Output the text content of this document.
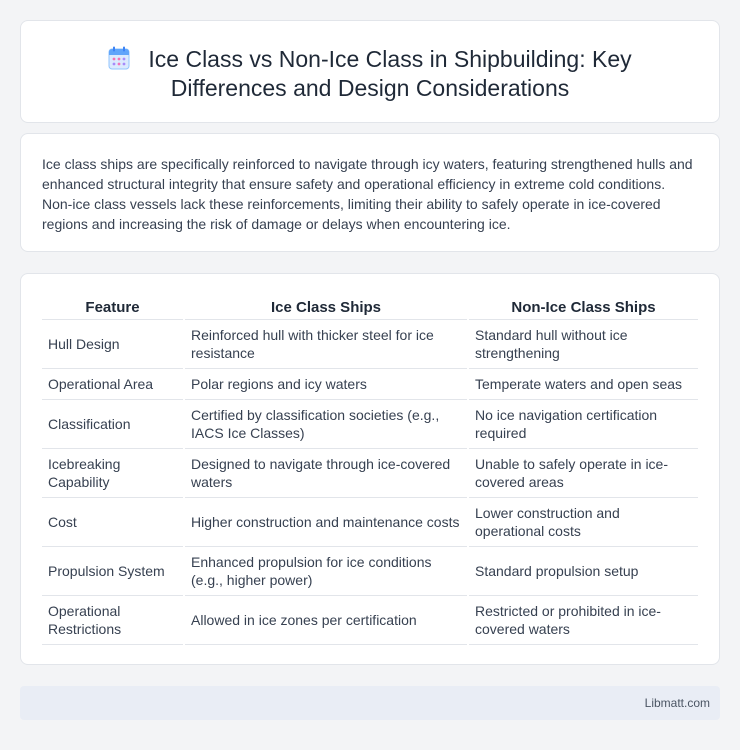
Ice Class vs Non-Ice Class in Shipbuilding: Key Differences and Design Considerations

Ice class ships are specifically reinforced to navigate through icy waters, featuring strengthened hulls and enhanced structural integrity that ensure safety and operational efficiency in extreme cold conditions. Non-ice class vessels lack these reinforcements, limiting their ability to safely operate in ice-covered regions and increasing the risk of damage or delays when encountering ice.

Feature	Ice Class Ships	Non-Ice Class Ships
Hull Design	Reinforced hull with thicker steel for ice resistance	Standard hull without ice strengthening
Operational Area	Polar regions and icy waters	Temperate waters and open seas
Classification	Certified by classification societies (e.g., IACS Ice Classes)	No ice navigation certification required
Icebreaking Capability	Designed to navigate through ice-covered waters	Unable to safely operate in ice-covered areas
Cost	Higher construction and maintenance costs	Lower construction and operational costs
Propulsion System	Enhanced propulsion for ice conditions (e.g., higher power)	Standard propulsion setup
Operational Restrictions	Allowed in ice zones per certification	Restricted or prohibited in ice-covered waters
Libmatt.com
